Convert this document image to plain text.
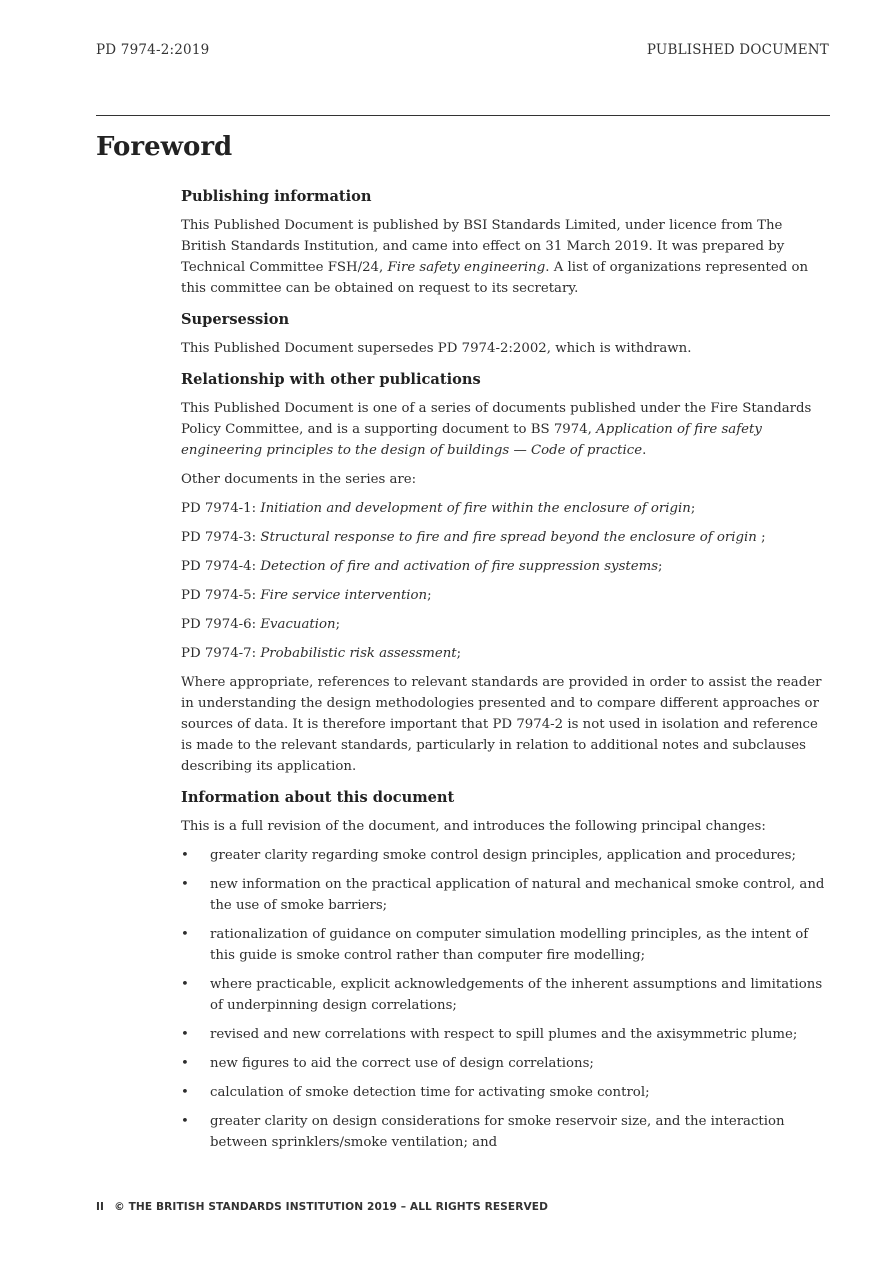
PD 7974-2:2019	PUBLISHED DOCUMENT
Foreword
Publishing information

This Published Document is published by BSI Standards Limited, under licence from The British Standards Institution, and came into effect on 31 March 2019. It was prepared by Technical Committee FSH/24, Fire safety engineering. A list of organizations represented on this committee can be obtained on request to its secretary.

Supersession

This Published Document supersedes PD 7974-2:2002, which is withdrawn.

Relationship with other publications

This Published Document is one of a series of documents published under the Fire Standards Policy Committee, and is a supporting document to BS 7974, Application of fire safety engineering principles to the design of buildings — Code of practice.

Other documents in the series are:

PD 7974-1: Initiation and development of fire within the enclosure of origin;

PD 7974-3: Structural response to fire and fire spread beyond the enclosure of origin ;

PD 7974-4: Detection of fire and activation of fire suppression systems;

PD 7974-5: Fire service intervention;

PD 7974-6: Evacuation;

PD 7974-7: Probabilistic risk assessment;

Where appropriate, references to relevant standards are provided in order to assist the reader in understanding the design methodologies presented and to compare different approaches or sources of data. It is therefore important that PD 7974-2 is not used in isolation and reference is made to the relevant standards, particularly in relation to additional notes and subclauses describing its application.

Information about this document

This is a full revision of the document, and introduces the following principal changes:

•	greater clarity regarding smoke control design principles, application and procedures;
•	new information on the practical application of natural and mechanical smoke control, and the use of smoke barriers;
•	rationalization of guidance on computer simulation modelling principles, as the intent of this guide is smoke control rather than computer fire modelling;
•	where practicable, explicit acknowledgements of the inherent assumptions and limitations of underpinning design correlations;
•	revised and new correlations with respect to spill plumes and the axisymmetric plume;
•	new figures to aid the correct use of design correlations;
•	calculation of smoke detection time for activating smoke control;
•	greater clarity on design considerations for smoke reservoir size, and the interaction between sprinklers/smoke ventilation; and
II © THE BRITISH STANDARDS INSTITUTION 2019 – ALL RIGHTS RESERVED
